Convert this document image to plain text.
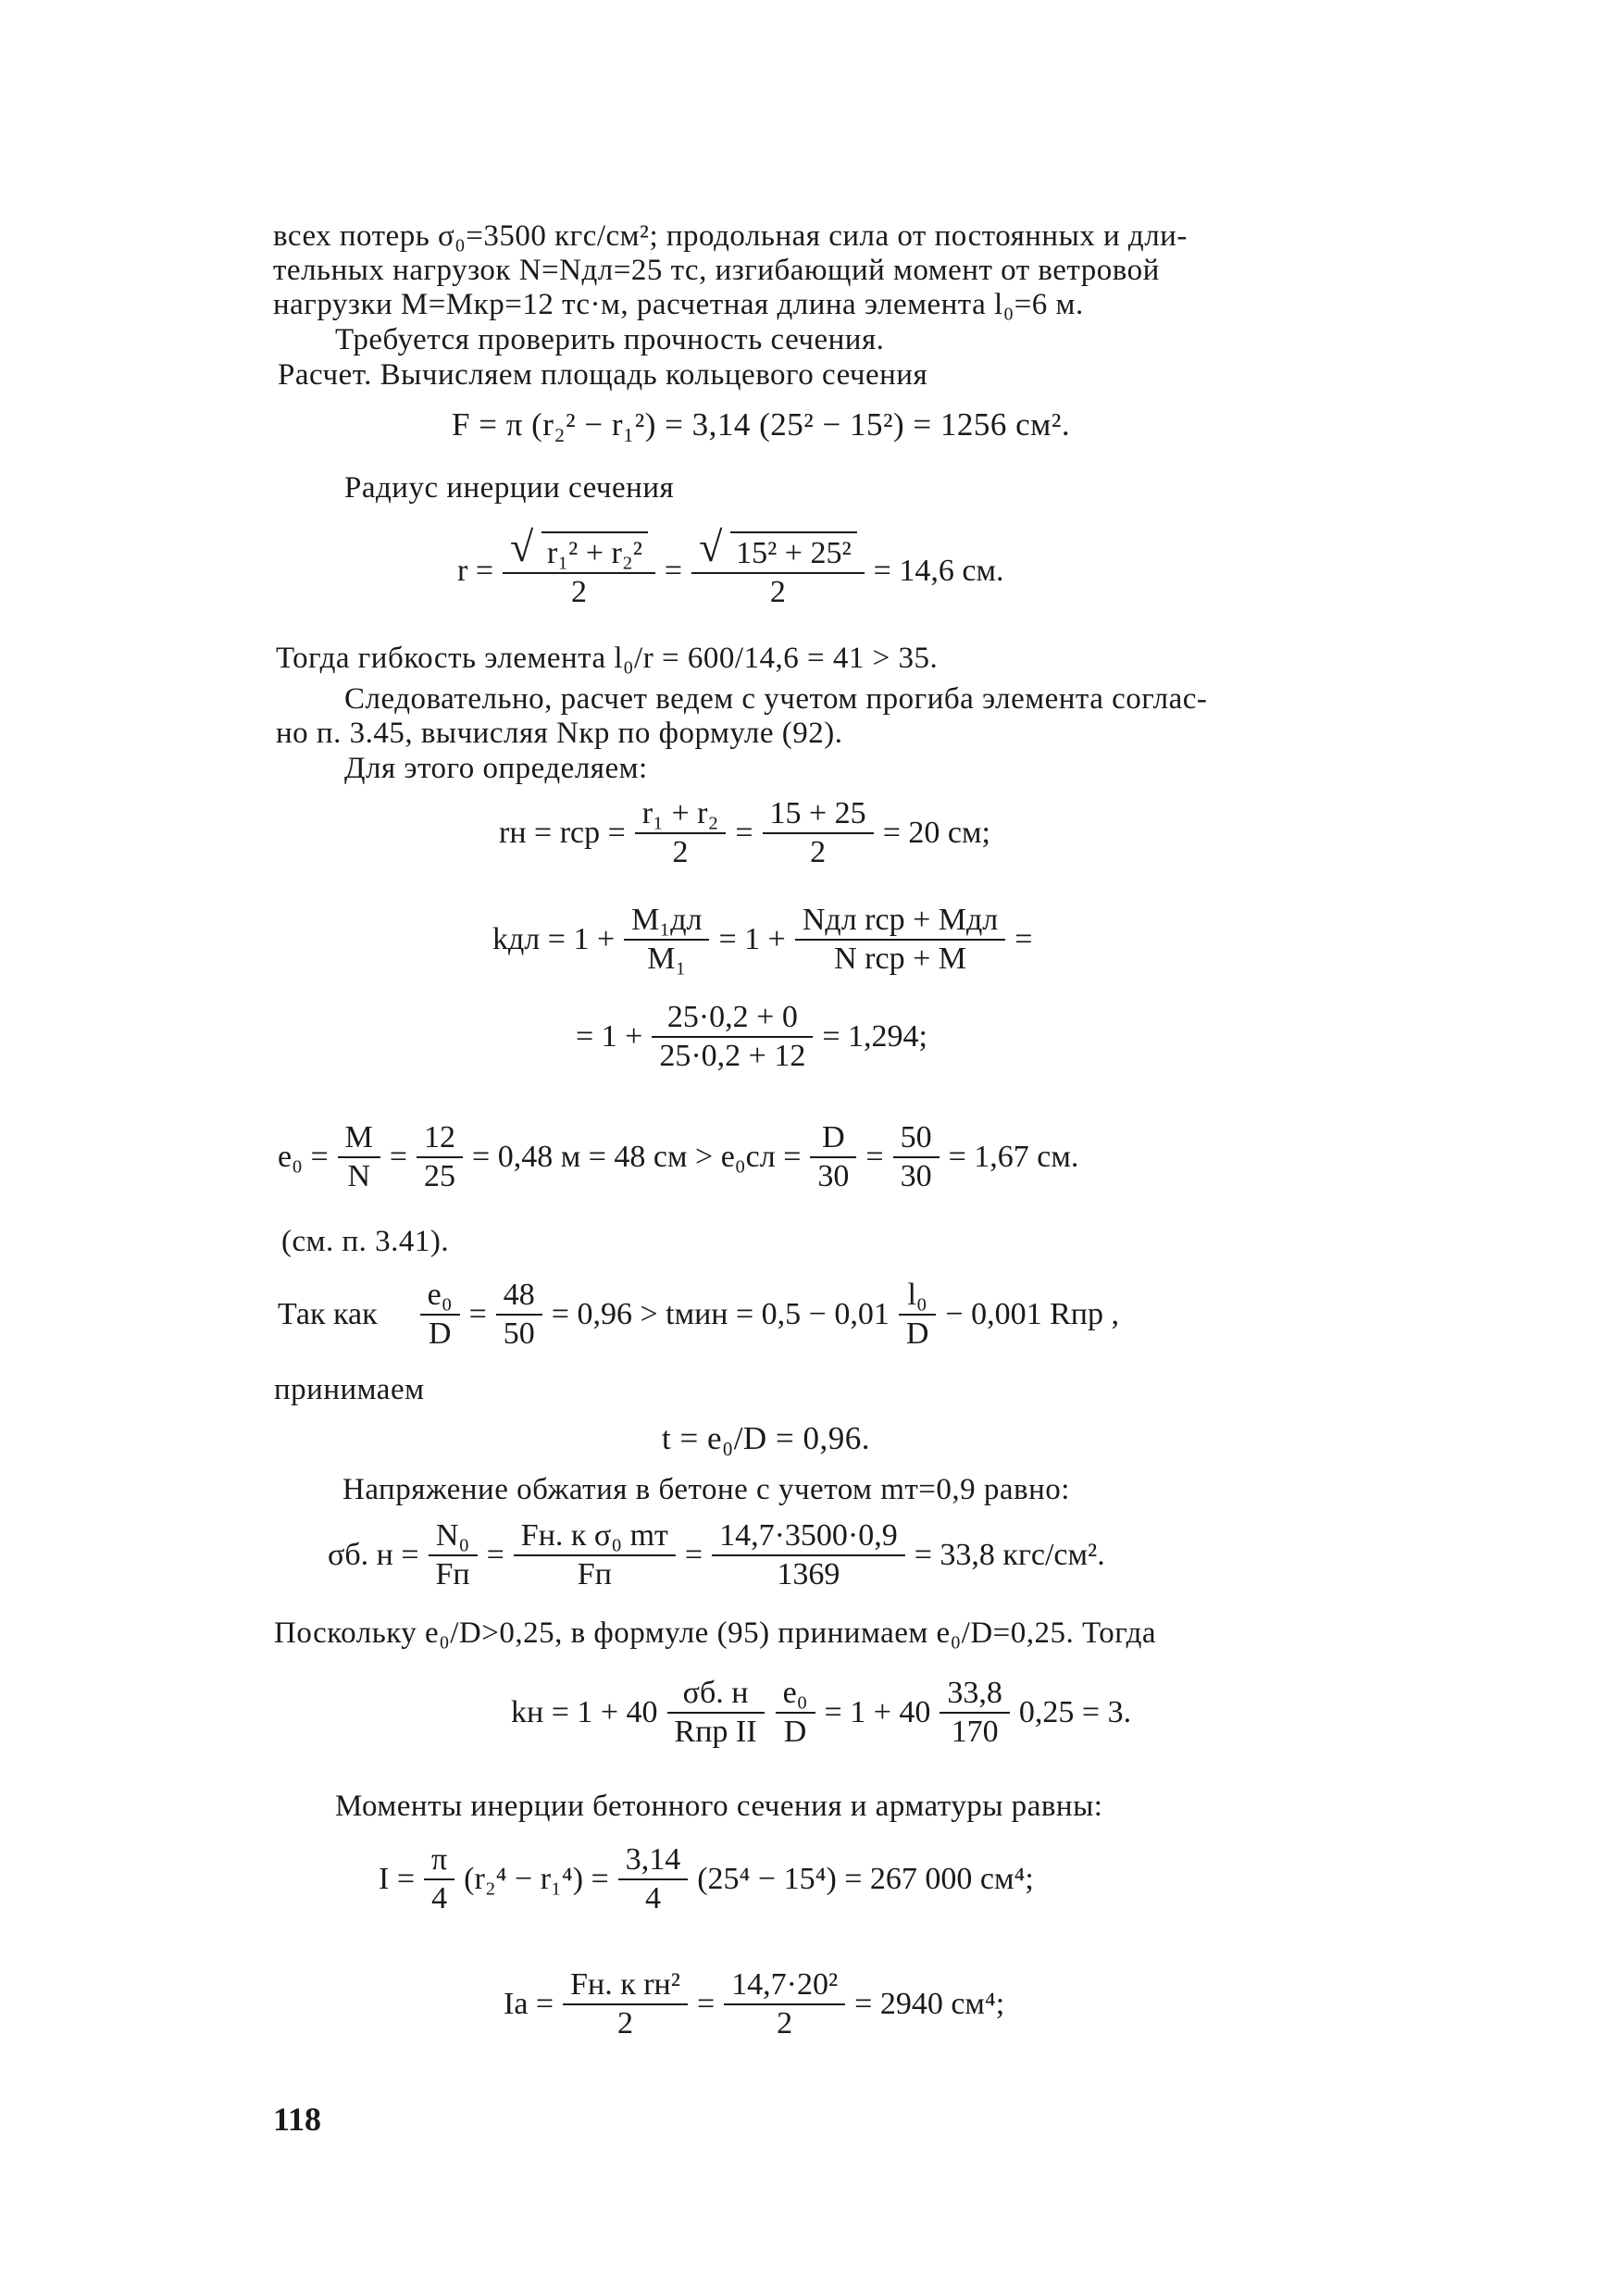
всех потерь σ₀=3500 кгс/см²; продольная сила от постоянных и дли-
тельных нагрузок N=Nдл=25 тс, изгибающий момент от ветровой
нагрузки M=Mкр=12 тс·м, расчетная длина элемента l₀=6 м.
Требуется проверить прочность сечения.
Расчет. Вычисляем площадь кольцевого сечения
F = π (r₂² − r₁²) = 3,14 (25² − 15²) = 1256 см².
Радиус инерции сечения
$r = \frac{\text{√ r₁² + r₂²}}{2} = \frac{\text{√ 15² + 25²}}{2} = 14,6$ см.
Тогда гибкость элемента l₀/r = 600/14,6 = 41 > 35.
Следовательно, расчет ведем с учетом прогиба элемента соглас-
но п. 3.45, вычисляя Nкр по формуле (92).
Для этого определяем:
rн = rср = $\frac{\text{r₁ + r₂}}{2} = \frac{15 + 25}{2} = 20$ см;
kдл = $1 + \frac{\text{M₁дл}}{\text{M₁}} = 1 + \frac{\text{Nдл rср + Mдл}}{\text{N rср + M}}$ =
= $1 + \frac{25\cdot 0,2 + 0}{25\cdot 0,2 + 12} = 1,294$;
$e_0 = \frac{M}{N} = \frac{12}{25} = 0,48$ м = 48 см > $e_0сл = \frac{D}{30} = \frac{50}{30} = 1,67$ см.
(см. п. 3.41).
Так как $\frac{\text{e₀}}{D} = \frac{48}{50} = 0,96$ > tмин = $0,5 - 0,01 \frac{\text{l₀}}{D} - 0,001$ Rпр ,
принимаем
t = e₀/D = 0,96.
Напряжение обжатия в бетоне с учетом mт=0,9 равно:
σб. $н = \frac{\text{N₀}}{Fп} = \frac{\text{Fн. к σ₀ mт}}{Fп} = \frac{14,7\cdot 3500\cdot 0,9}{1369} = 33,8$ кгс/см².
Поскольку e₀/D>0,25, в формуле (95) принимаем e₀/D=0,25. Тогда
kн = $1 + 40 \frac{\sigma б. н}{\text{Rпр II}} \frac{\text{e₀}}{D} = 1 + 40 \frac{33,8}{170} 0,25 = 3$.
Моменты инерции бетонного сечения и арматуры равны:
$I = \frac{\pi}{4} (r_2^4 - r_1^4) = \frac{3,14}{4} (25^4 - 15^4) = 267$ 000 см⁴;
Iа = $\frac{\text{Fн. к rн²}}{2} = \frac{\text{14,7·20²}}{2} = 2940$ см⁴;
118
